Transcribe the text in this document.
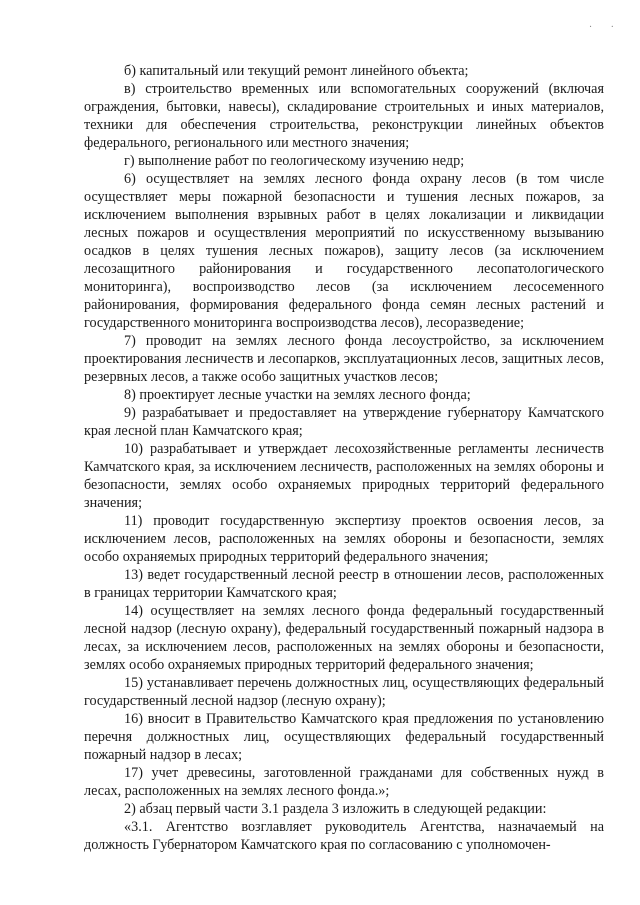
· ·

б) капитальный или текущий ремонт линейного объекта;

в) строительство временных или вспомогательных сооружений (включая ограждения, бытовки, навесы), складирование строительных и иных материалов, техники для обеспечения строительства, реконструкции линейных объектов федерального, регионального или местного значения;

г) выполнение работ по геологическому изучению недр;

6) осуществляет на землях лесного фонда охрану лесов (в том числе осуществляет меры пожарной безопасности и тушения лесных пожаров, за исключением выполнения взрывных работ в целях локализации и ликвидации лесных пожаров и осуществления мероприятий по искусственному вызыванию осадков в целях тушения лесных пожаров), защиту лесов (за исключением лесозащитного районирования и государственного лесопатологического мониторинга), воспроизводство лесов (за исключением лесосеменного районирования, формирования федерального фонда семян лесных растений и государственного мониторинга воспроизводства лесов), лесоразведение;

7) проводит на землях лесного фонда лесоустройство, за исключением проектирования лесничеств и лесопарков, эксплуатационных лесов, защитных лесов, резервных лесов, а также особо защитных участков лесов;

8) проектирует лесные участки на землях лесного фонда;

9) разрабатывает и предоставляет на утверждение губернатору Камчатского края лесной план Камчатского края;

10) разрабатывает и утверждает лесохозяйственные регламенты лесничеств Камчатского края, за исключением лесничеств, расположенных на землях обороны и безопасности, землях особо охраняемых природных территорий федерального значения;

11) проводит государственную экспертизу проектов освоения лесов, за исключением лесов, расположенных на землях обороны и безопасности, землях особо охраняемых природных территорий федерального значения;

13) ведет государственный лесной реестр в отношении лесов, расположенных в границах территории Камчатского края;

14) осуществляет на землях лесного фонда федеральный государственный лесной надзор (лесную охрану), федеральный государственный пожарный надзора в лесах, за исключением лесов, расположенных на землях обороны и безопасности, землях особо охраняемых природных территорий федерального значения;

15) устанавливает перечень должностных лиц, осуществляющих федеральный государственный лесной надзор (лесную охрану);

16) вносит в Правительство Камчатского края предложения по установлению перечня должностных лиц, осуществляющих федеральный государственный пожарный надзор в лесах;

17) учет древесины, заготовленной гражданами для собственных нужд в лесах, расположенных на землях лесного фонда.»;

2) абзац первый части 3.1 раздела 3 изложить в следующей редакции:

«3.1. Агентство возглавляет руководитель Агентства, назначаемый на должность Губернатором Камчатского края по согласованию с уполномочен-
